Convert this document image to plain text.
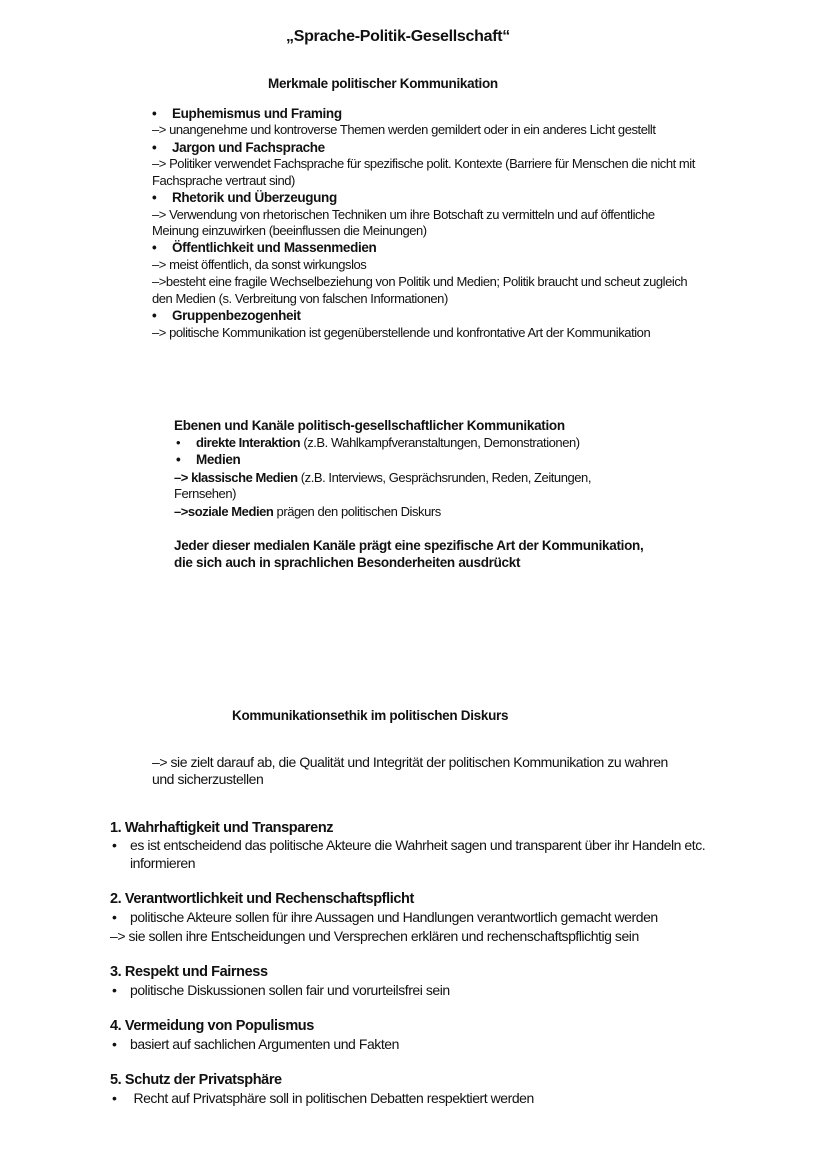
„Sprache-Politik-Gesellschaft“
Merkmale politischer Kommunikation
• Euphemismus und Framing
–> unangenehme und kontroverse Themen werden gemildert oder in ein anderes Licht gestellt
• Jargon und Fachsprache
–> Politiker verwendet Fachsprache für spezifische polit. Kontexte (Barriere für Menschen die nicht mit
Fachsprache vertraut sind)
• Rhetorik und Überzeugung
–> Verwendung von rhetorischen Techniken um ihre Botschaft zu vermitteln und auf öffentliche
Meinung einzuwirken (beeinflussen die Meinungen)
• Öffentlichkeit und Massenmedien
–> meist öffentlich, da sonst wirkungslos
–>besteht eine fragile Wechselbeziehung von Politik und Medien; Politik braucht und scheut zugleich
den Medien (s. Verbreitung von falschen Informationen)
• Gruppenbezogenheit
–> politische Kommunikation ist gegenüberstellende und konfrontative Art der Kommunikation
Ebenen und Kanäle politisch-gesellschaftlicher Kommunikation
• direkte Interaktion (z.B. Wahlkampfveranstaltungen, Demonstrationen)
• Medien
–> klassische Medien (z.B. Interviews, Gesprächsrunden, Reden, Zeitungen,
Fernsehen)
–>soziale Medien prägen den politischen Diskurs
Jeder dieser medialen Kanäle prägt eine spezifische Art der Kommunikation,
die sich auch in sprachlichen Besonderheiten ausdrückt
Kommunikationsethik im politischen Diskurs
–> sie zielt darauf ab, die Qualität und Integrität der politischen Kommunikation zu wahren
und sicherzustellen
1. Wahrhaftigkeit und Transparenz
• es ist entscheidend das politische Akteure die Wahrheit sagen und transparent über ihr Handeln etc.
informieren
2. Verantwortlichkeit und Rechenschaftspflicht
• politische Akteure sollen für ihre Aussagen und Handlungen verantwortlich gemacht werden
–> sie sollen ihre Entscheidungen und Versprechen erklären und rechenschaftspflichtig sein
3. Respekt und Fairness
• politische Diskussionen sollen fair und vorurteilsfrei sein
4. Vermeidung von Populismus
• basiert auf sachlichen Argumenten und Fakten
5. Schutz der Privatsphäre
• Recht auf Privatsphäre soll in politischen Debatten respektiert werden
